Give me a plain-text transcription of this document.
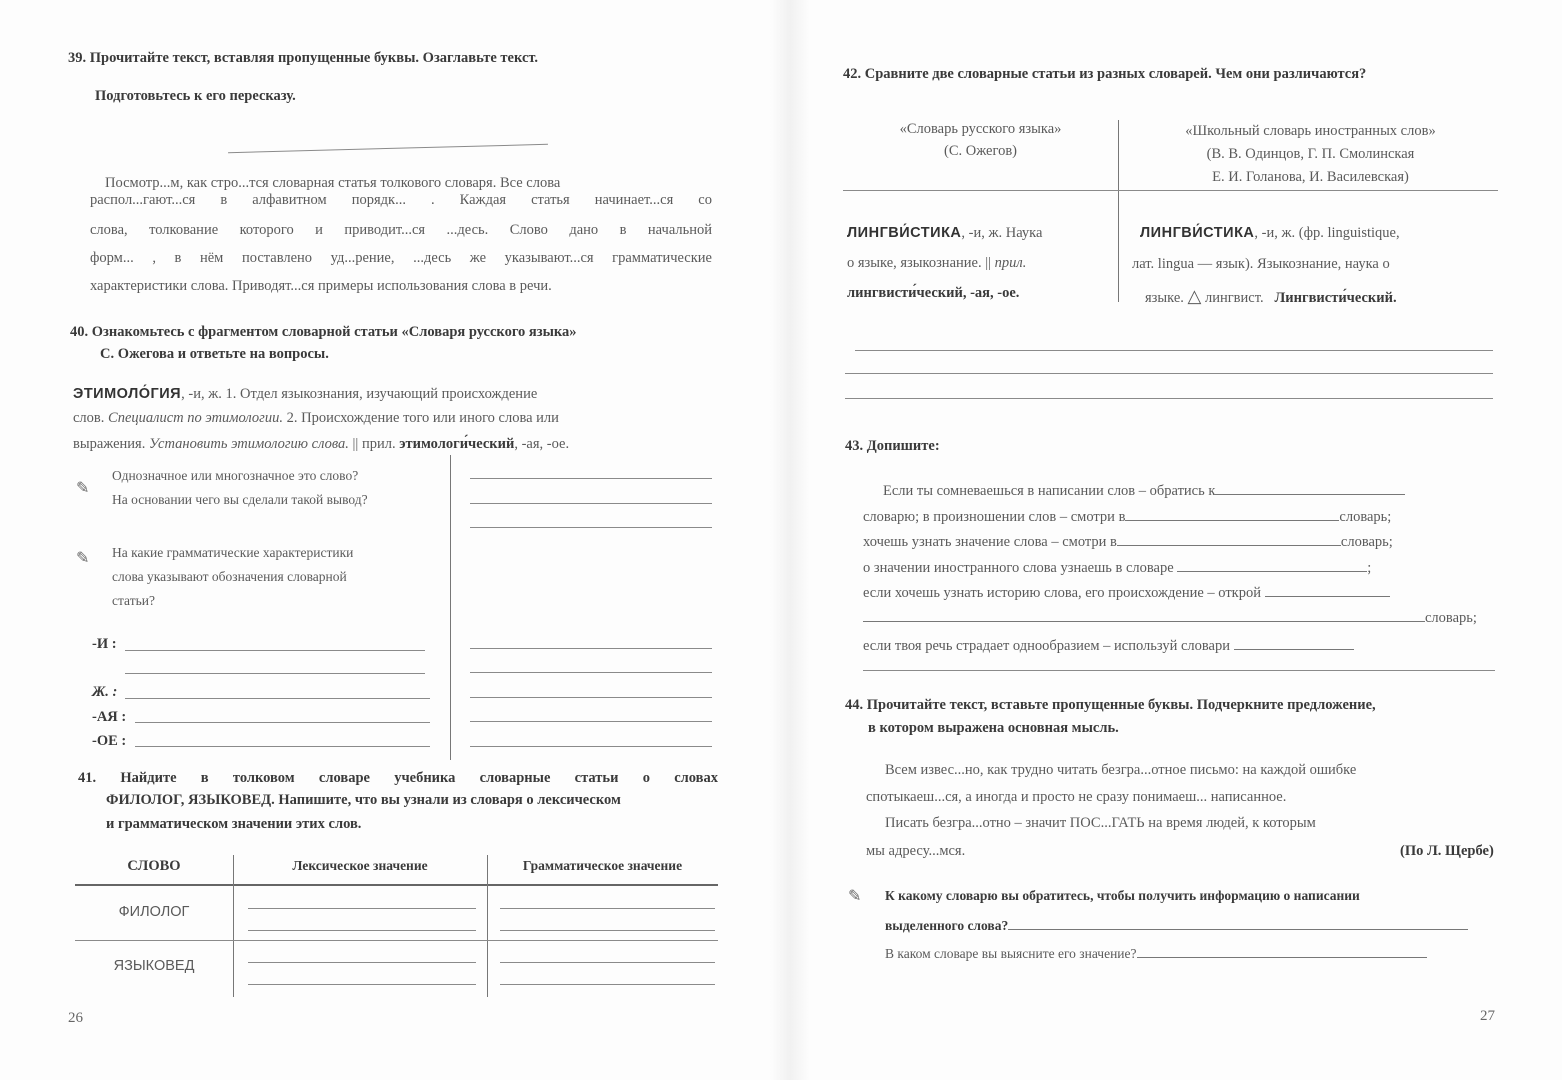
39. Прочитайте текст, вставляя пропущенные буквы. Озаглавьте текст.
Подготовьтесь к его пересказу.
Посмотр...м, как стро...тся словарная статья толкового словаря. Все слова
распол...гают...ся в алфавитном порядк... . Каждая статья начинает...ся со
слова, толкование которого и приводит...ся ...десь. Слово дано в начальной
форм... , в нём поставлено уд...рение, ...десь же указывают...ся грамматические
характеристики слова. Приводят...ся примеры использования слова в речи.
40. Ознакомьтесь с фрагментом словарной статьи «Словаря русского языка»
С. Ожегова и ответьте на вопросы.
ЭТИМОЛО́ГИЯ, -и, ж. 1. Отдел языкознания, изучающий происхождение
слов. Специалист по этимологии. 2. Происхождение того или иного слова или
выражения. Установить этимологию слова. || прил. этимологи́ческий, -ая, -ое.
✎
Однозначное или многозначное это слово?
На основании чего вы сделали такой вывод?
✎ На какие грамматические характеристики
слова указывают обозначения словарной
статьи?
-И :
Ж. :
-АЯ :
-ОЕ :
41. Найдите в толковом словаре учебника словарные статьи о словах
ФИЛОЛОГ, ЯЗЫКОВЕД. Напишите, что вы узнали из словаря о лексическом
и грамматическом значении этих слов.
СЛОВО	Лексическое значение	Грамматическое значение
ФИЛОЛОГ
ЯЗЫКОВЕД
26
42. Сравните две словарные статьи из разных словарей. Чем они различаются?
«Словарь русского языка»
(С. Ожегов)
«Школьный словарь иностранных слов»
(В. В. Одинцов, Г. П. Смолинская
Е. И. Голанова, И. Василевская)
ЛИНГВИ́СТИКА, -и, ж. Наука
о языке, языкознание. || прил.
лингвисти́ческий, -ая, -ое.
ЛИНГВИ́СТИКА, -и, ж. (фр. linguistique,
лат. lingua — язык). Языкознание, наука о
языке. △ лингвист. Лингвисти́ческий.
43. Допишите:
Если ты сомневаешься в написании слов – обратись к
словарю; в произношении слов – смотри в	словарь;
хочешь узнать значение слова – смотри в	словарь;
о значении иностранного слова узнаешь в словаре	;
если хочешь узнать историю слова, его происхождение – открой
словарь;
если твоя речь страдает однообразием – используй словари
44. Прочитайте текст, вставьте пропущенные буквы. Подчеркните предложение,
в котором выражена основная мысль.
Всем извес...но, как трудно читать безгра...отное письмо: на каждой ошибке
спотыкаеш...ся, а иногда и просто не сразу понимаеш... написанное.
Писать безгра...отно – значит ПОС...ГАТЬ на время людей, к которым
мы адресу...мся.	(По Л. Щербе)
✎ К какому словарю вы обратитесь, чтобы получить информацию о написании
выделенного слова?
В каком словаре вы выясните его значение?
27
